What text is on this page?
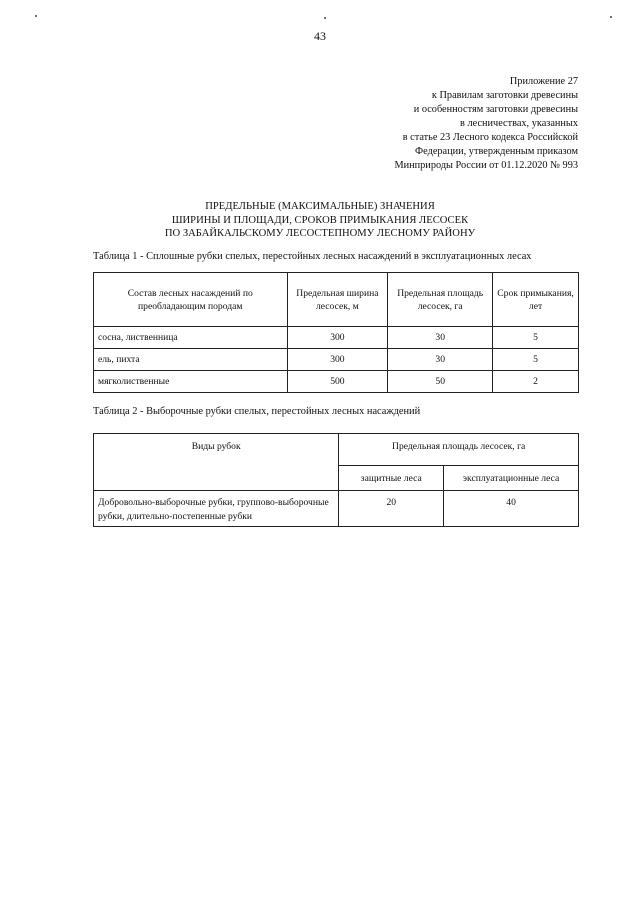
43
Приложение 27
к Правилам заготовки древесины
и особенностям заготовки древесины
в лесничествах, указанных
в статье 23 Лесного кодекса Российской
Федерации, утвержденным приказом
Минприроды России от 01.12.2020 № 993
ПРЕДЕЛЬНЫЕ (МАКСИМАЛЬНЫЕ) ЗНАЧЕНИЯ
ШИРИНЫ И ПЛОЩАДИ, СРОКОВ ПРИМЫКАНИЯ ЛЕСОСЕК
ПО ЗАБАЙКАЛЬСКОМУ ЛЕСОСТЕПНОМУ ЛЕСНОМУ РАЙОНУ
Таблица 1 - Сплошные рубки спелых, перестойных лесных насаждений в эксплуатационных лесах
Состав лесных насаждений по преобладающим породам	Предельная ширина лесосек, м	Предельная площадь лесосек, га	Срок примыкания, лет
сосна, лиственница	300	30	5
ель, пихта	300	30	5
мягколиственные	500	50	2
Таблица 2 - Выборочные рубки спелых, перестойных лесных насаждений
Виды рубок	Предельная площадь лесосек, га	
	защитные леса	эксплуатационные леса
Добровольно-выборочные рубки, группово-выборочные рубки, длительно-постепенные рубки	20	40
